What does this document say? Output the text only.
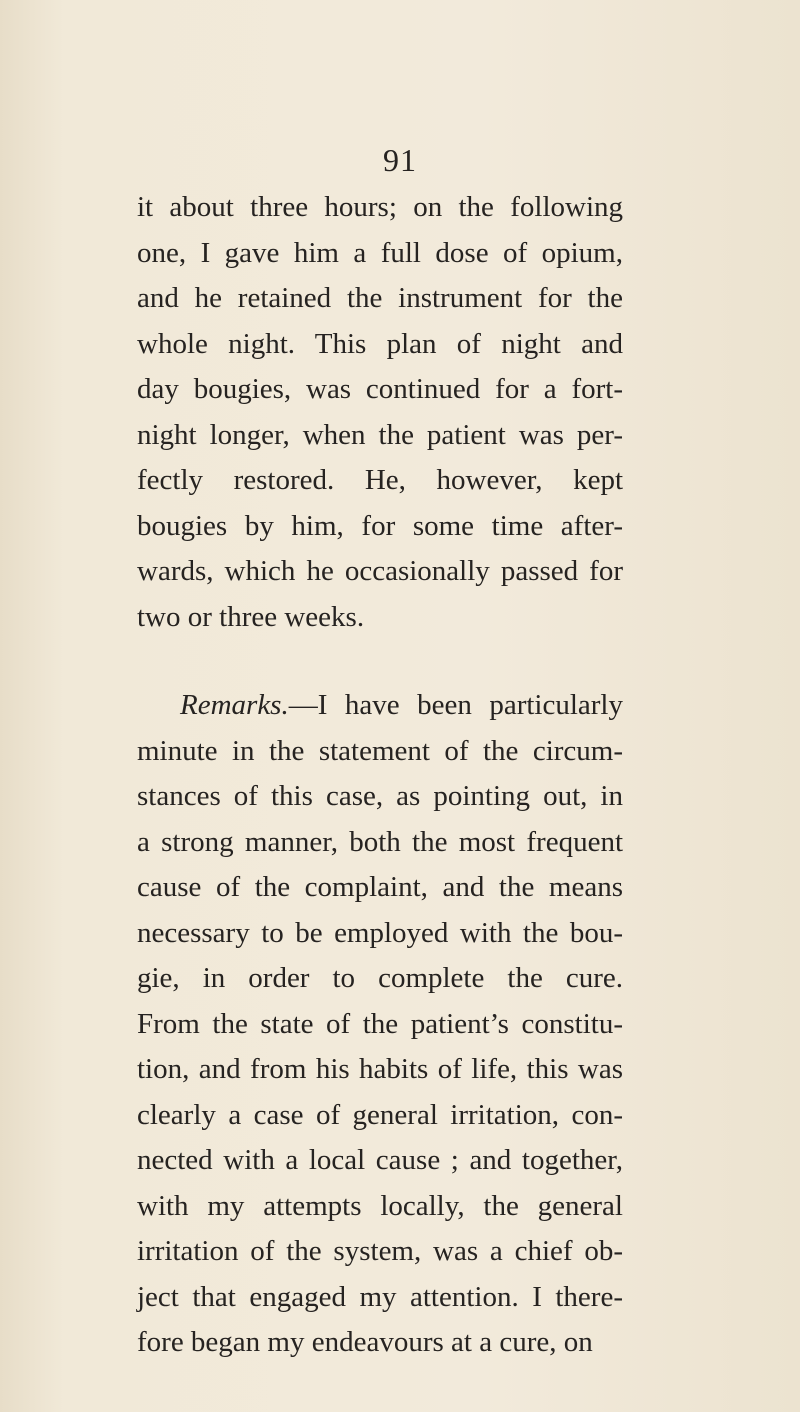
91
it about three hours; on the following
one, I gave him a full dose of opium,
and he retained the instrument for the
whole night. This plan of night and
day bougies, was continued for a fort-
night longer, when the patient was per-
fectly restored. He, however, kept
bougies by him, for some time after-
wards, which he occasionally passed for
two or three weeks.
Remarks.—I have been particularly
minute in the statement of the circum-
stances of this case, as pointing out, in
a strong manner, both the most frequent
cause of the complaint, and the means
necessary to be employed with the bou-
gie, in order to complete the cure.
From the state of the patient’s constitu-
tion, and from his habits of life, this was
clearly a case of general irritation, con-
nected with a local cause ; and together,
with my attempts locally, the general
irritation of the system, was a chief ob-
ject that engaged my attention. I there-
fore began my endeavours at a cure, on
